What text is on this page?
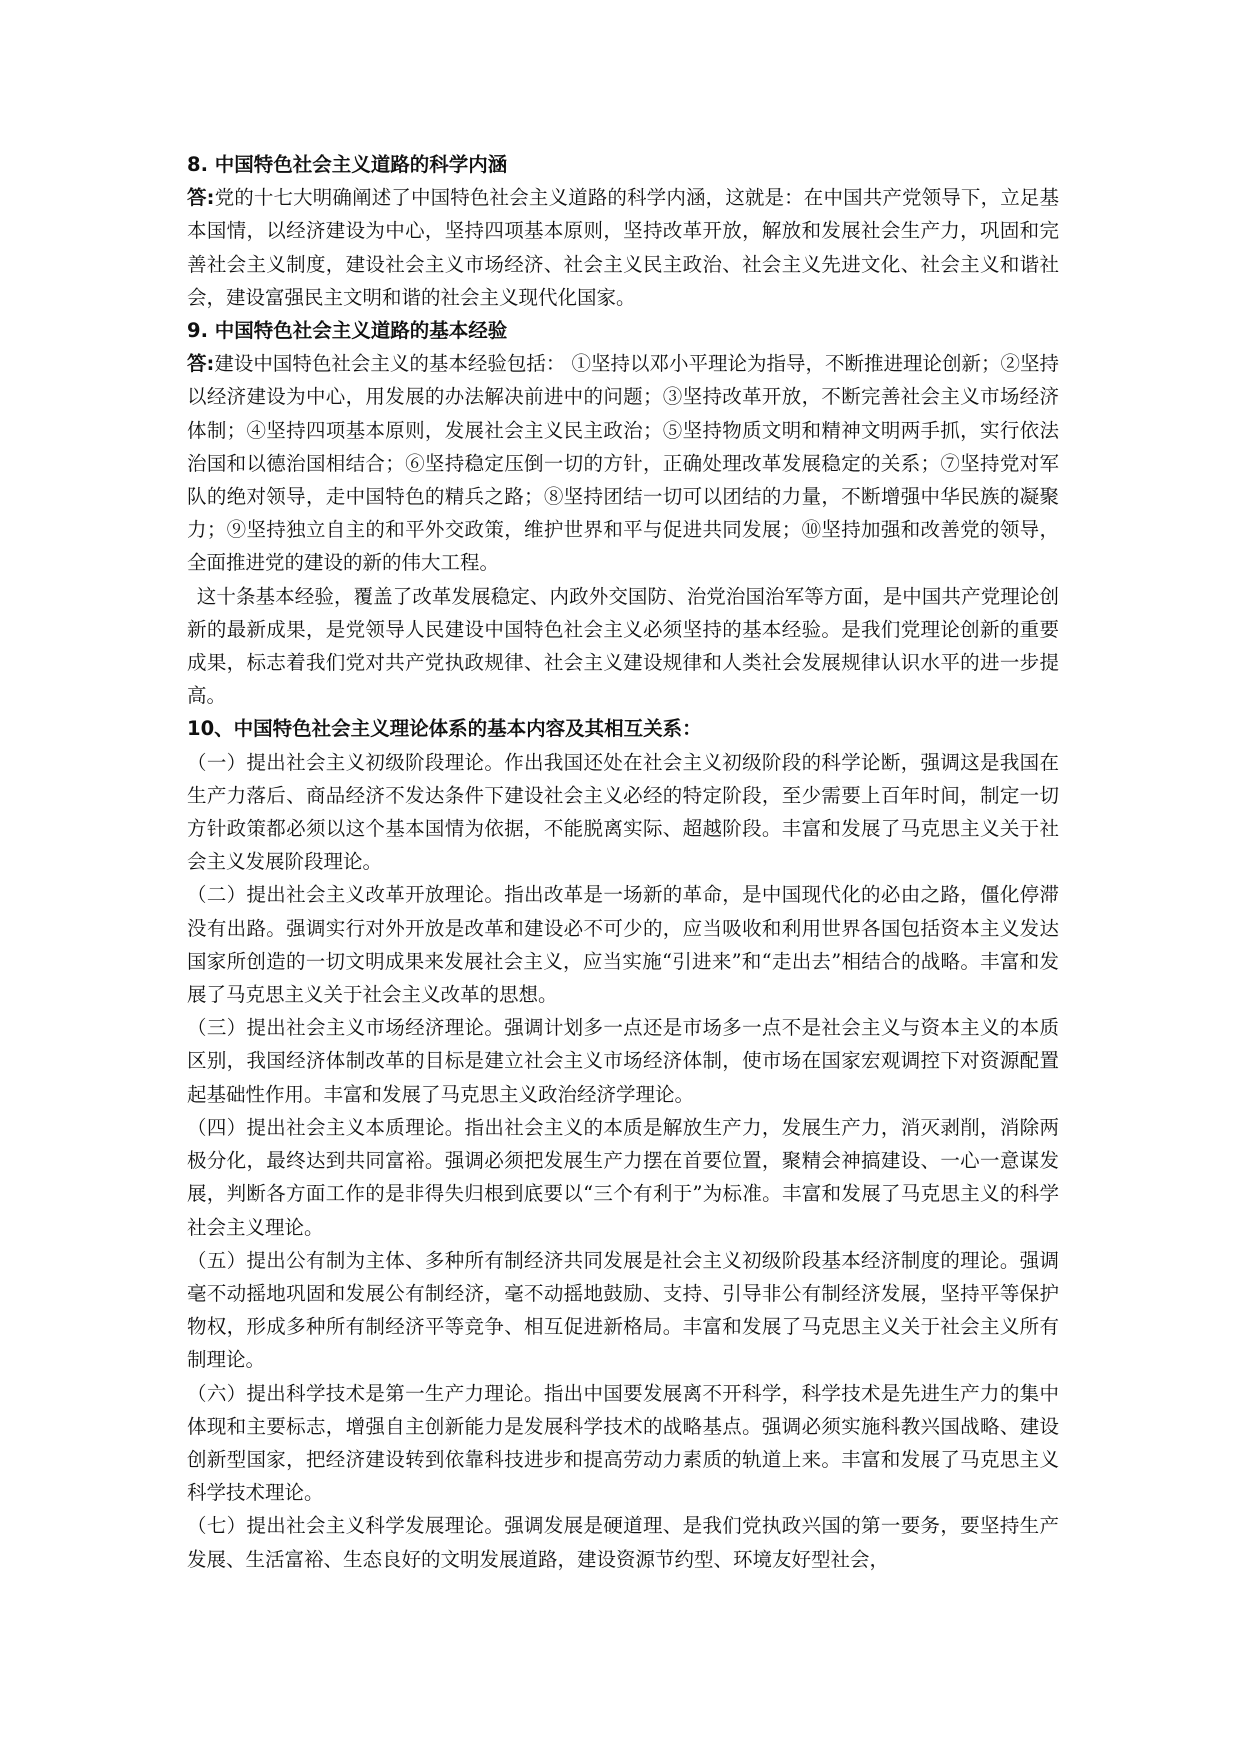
8. 中国特色社会主义道路的科学内涵

答:党的十七大明确阐述了中国特色社会主义道路的科学内涵，这就是：在中国共产党领导下，立足基本国情，以经济建设为中心，坚持四项基本原则，坚持改革开放，解放和发展社会生产力，巩固和完善社会主义制度，建设社会主义市场经济、社会主义民主政治、社会主义先进文化、社会主义和谐社会，建设富强民主文明和谐的社会主义现代化国家。

9. 中国特色社会主义道路的基本经验

答:建设中国特色社会主义的基本经验包括： ①坚持以邓小平理论为指导，不断推进理论创新；②坚持以经济建设为中心，用发展的办法解决前进中的问题；③坚持改革开放，不断完善社会主义市场经济体制；④坚持四项基本原则，发展社会主义民主政治；⑤坚持物质文明和精神文明两手抓，实行依法治国和以德治国相结合；⑥坚持稳定压倒一切的方针，正确处理改革发展稳定的关系；⑦坚持党对军队的绝对领导，走中国特色的精兵之路；⑧坚持团结一切可以团结的力量，不断增强中华民族的凝聚力；⑨坚持独立自主的和平外交政策，维护世界和平与促进共同发展；⑩坚持加强和改善党的领导，全面推进党的建设的新的伟大工程。

这十条基本经验，覆盖了改革发展稳定、内政外交国防、治党治国治军等方面，是中国共产党理论创新的最新成果，是党领导人民建设中国特色社会主义必须坚持的基本经验。是我们党理论创新的重要成果，标志着我们党对共产党执政规律、社会主义建设规律和人类社会发展规律认识水平的进一步提高。

10、中国特色社会主义理论体系的基本内容及其相互关系：

（一）提出社会主义初级阶段理论。作出我国还处在社会主义初级阶段的科学论断，强调这是我国在生产力落后、商品经济不发达条件下建设社会主义必经的特定阶段，至少需要上百年时间，制定一切方针政策都必须以这个基本国情为依据，不能脱离实际、超越阶段。丰富和发展了马克思主义关于社会主义发展阶段理论。

（二）提出社会主义改革开放理论。指出改革是一场新的革命，是中国现代化的必由之路，僵化停滞没有出路。强调实行对外开放是改革和建设必不可少的，应当吸收和利用世界各国包括资本主义发达国家所创造的一切文明成果来发展社会主义，应当实施“引进来”和“走出去”相结合的战略。丰富和发展了马克思主义关于社会主义改革的思想。

（三）提出社会主义市场经济理论。强调计划多一点还是市场多一点不是社会主义与资本主义的本质区别，我国经济体制改革的目标是建立社会主义市场经济体制，使市场在国家宏观调控下对资源配置起基础性作用。丰富和发展了马克思主义政治经济学理论。

（四）提出社会主义本质理论。指出社会主义的本质是解放生产力，发展生产力，消灭剥削，消除两极分化，最终达到共同富裕。强调必须把发展生产力摆在首要位置，聚精会神搞建设、一心一意谋发展，判断各方面工作的是非得失归根到底要以“三个有利于”为标准。丰富和发展了马克思主义的科学社会主义理论。

（五）提出公有制为主体、多种所有制经济共同发展是社会主义初级阶段基本经济制度的理论。强调毫不动摇地巩固和发展公有制经济，毫不动摇地鼓励、支持、引导非公有制经济发展，坚持平等保护物权，形成多种所有制经济平等竞争、相互促进新格局。丰富和发展了马克思主义关于社会主义所有制理论。

（六）提出科学技术是第一生产力理论。指出中国要发展离不开科学，科学技术是先进生产力的集中体现和主要标志，增强自主创新能力是发展科学技术的战略基点。强调必须实施科教兴国战略、建设创新型国家，把经济建设转到依靠科技进步和提高劳动力素质的轨道上来。丰富和发展了马克思主义科学技术理论。

（七）提出社会主义科学发展理论。强调发展是硬道理、是我们党执政兴国的第一要务，要坚持生产发展、生活富裕、生态良好的文明发展道路，建设资源节约型、环境友好型社会，
